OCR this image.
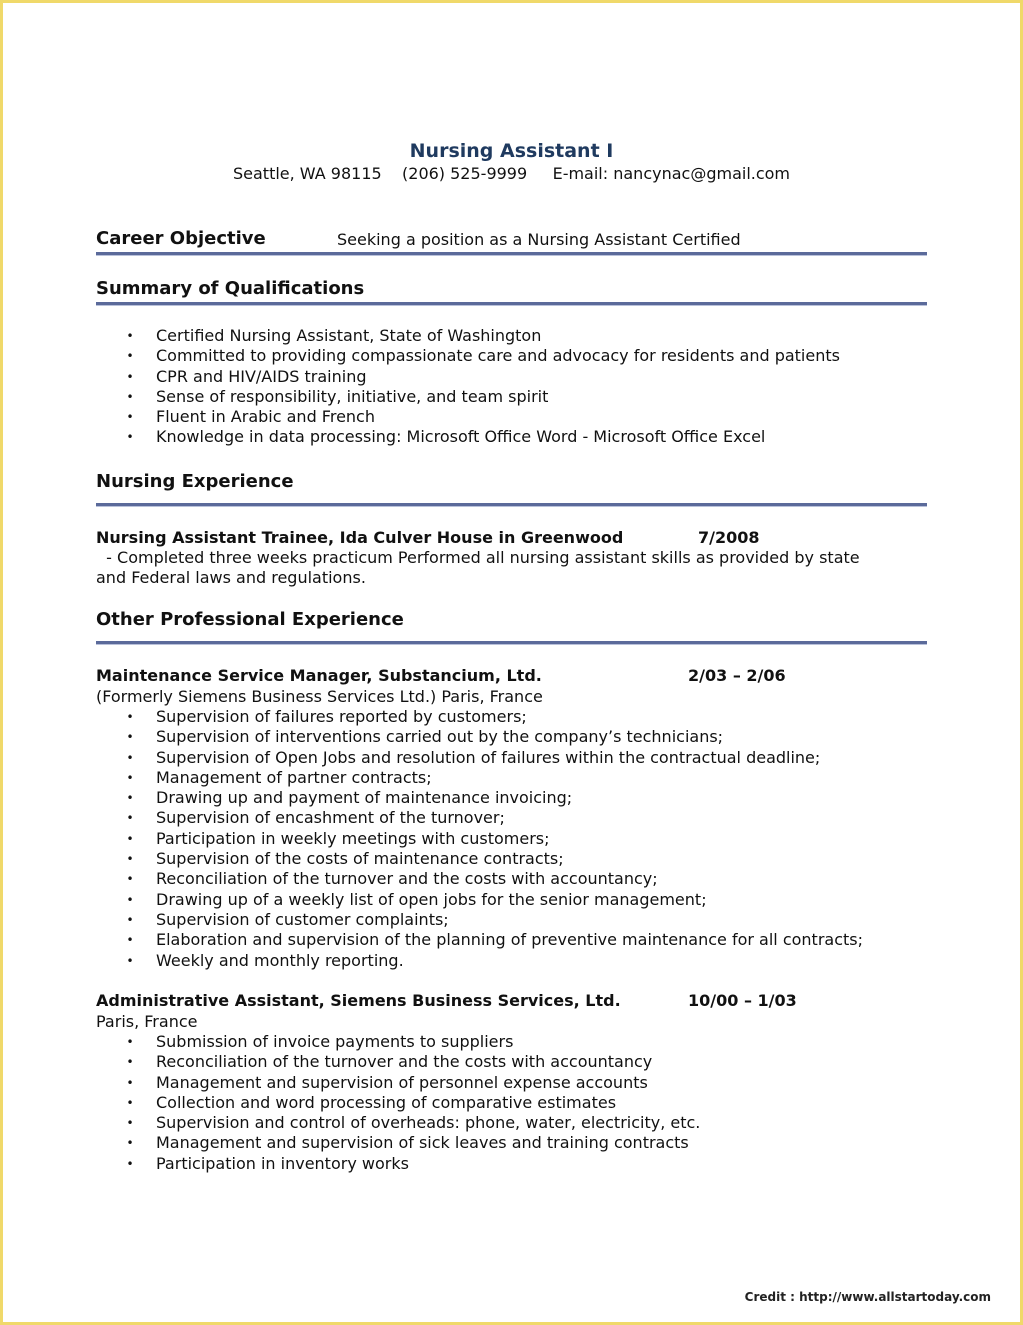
Nursing Assistant I
Seattle, WA 98115    (206) 525-9999     E-mail: nancynac@gmail.com
Career Objective	Seeking a position as a Nursing Assistant Certified
Summary of Qualifications
• Certified Nursing Assistant, State of Washington
• Committed to providing compassionate care and advocacy for residents and patients
• CPR and HIV/AIDS training
• Sense of responsibility, initiative, and team spirit
• Fluent in Arabic and French
• Knowledge in data processing: Microsoft Office Word - Microsoft Office Excel
Nursing Experience
Nursing Assistant Trainee, Ida Culver House in Greenwood	7/2008
- Completed three weeks practicum Performed all nursing assistant skills as provided by state
and Federal laws and regulations.
Other Professional Experience
Maintenance Service Manager, Substancium, Ltd.	2/03 – 2/06
(Formerly Siemens Business Services Ltd.) Paris, France
• Supervision of failures reported by customers;
• Supervision of interventions carried out by the company’s technicians;
• Supervision of Open Jobs and resolution of failures within the contractual deadline;
• Management of partner contracts;
• Drawing up and payment of maintenance invoicing;
• Supervision of encashment of the turnover;
• Participation in weekly meetings with customers;
• Supervision of the costs of maintenance contracts;
• Reconciliation of the turnover and the costs with accountancy;
• Drawing up of a weekly list of open jobs for the senior management;
• Supervision of customer complaints;
• Elaboration and supervision of the planning of preventive maintenance for all contracts;
• Weekly and monthly reporting.
Administrative Assistant, Siemens Business Services, Ltd.	10/00 – 1/03
Paris, France
• Submission of invoice payments to suppliers
• Reconciliation of the turnover and the costs with accountancy
• Management and supervision of personnel expense accounts
• Collection and word processing of comparative estimates
• Supervision and control of overheads: phone, water, electricity, etc.
• Management and supervision of sick leaves and training contracts
• Participation in inventory works
Credit : http://www.allstartoday.com
